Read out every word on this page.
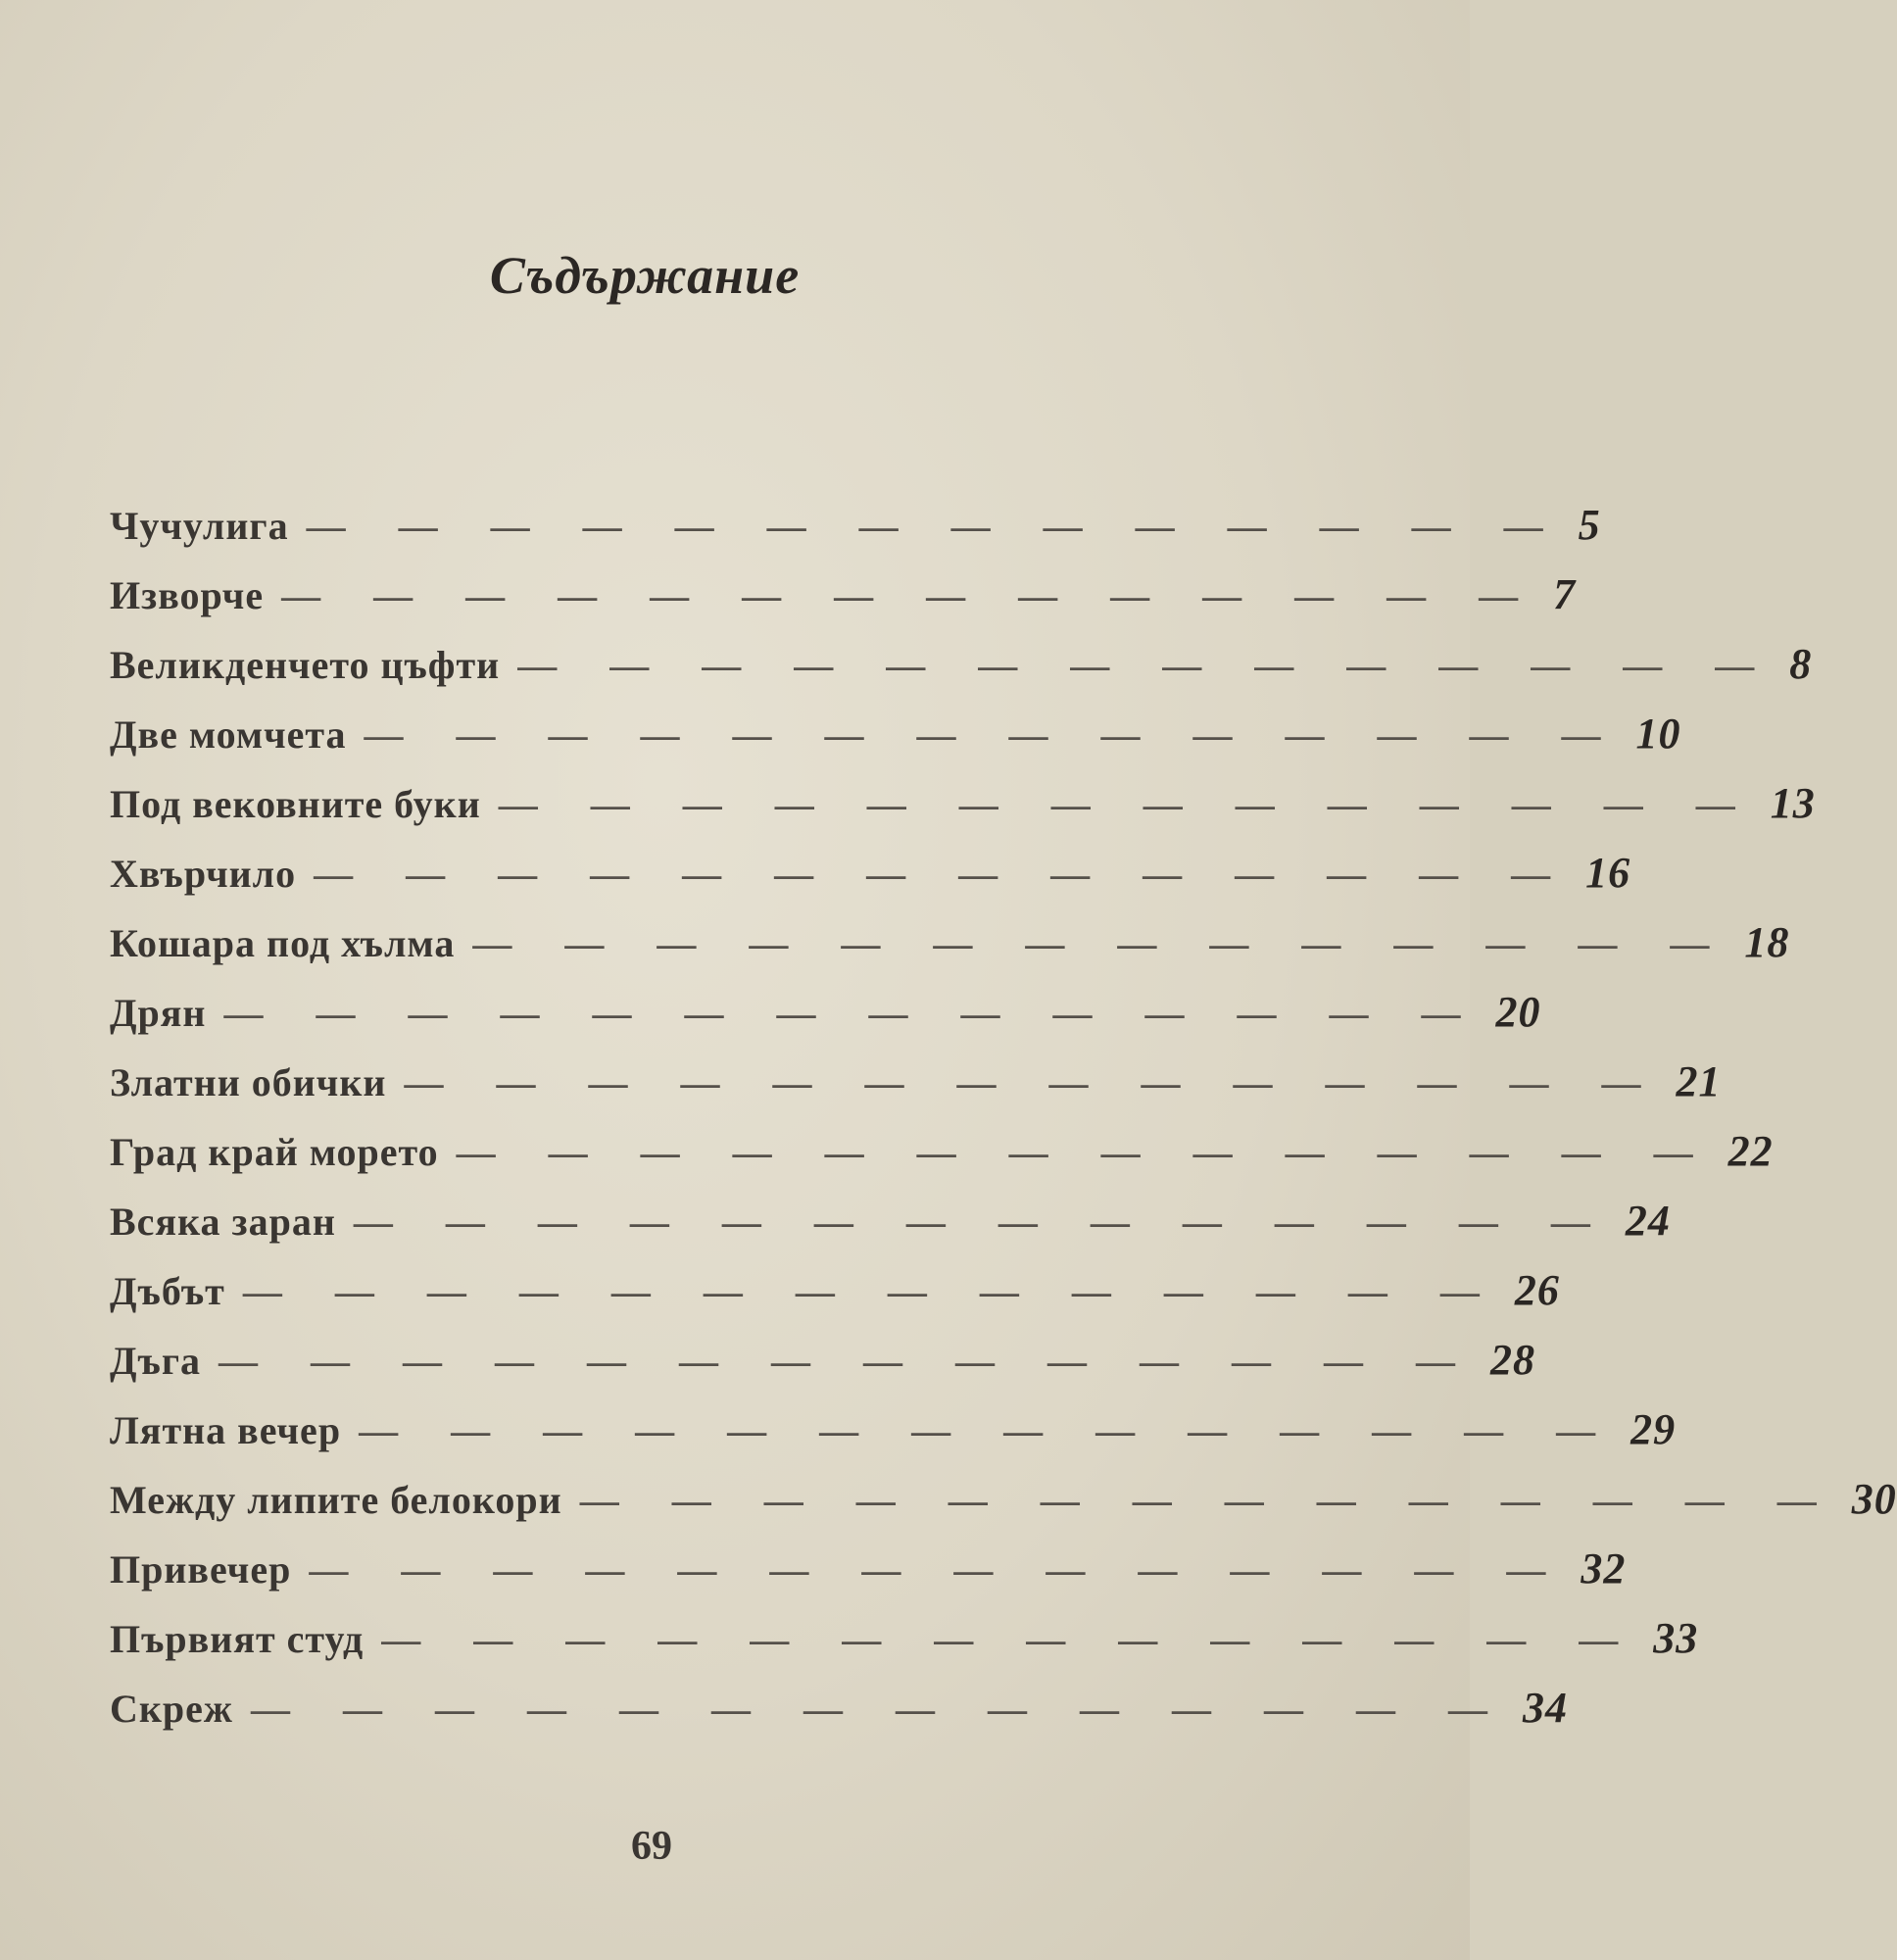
Съдържание
Чучулига — — — — — — — — — — — — — — 5
Изворче — — — — — — — — — — — — — — 7
Великденчето цъфти — — — — — — — — — — — — — — 8
Две момчета — — — — — — — — — — — — — — 10
Под вековните буки — — — — — — — — — — — — — — 13
Хвърчило — — — — — — — — — — — — — — 16
Кошара под хълма — — — — — — — — — — — — — — 18
Дрян — — — — — — — — — — — — — — 20
Златни обички — — — — — — — — — — — — — — 21
Град край морето — — — — — — — — — — — — — — 22
Всяка заран — — — — — — — — — — — — — — 24
Дъбът — — — — — — — — — — — — — — 26
Дъга — — — — — — — — — — — — — — 28
Лятна вечер — — — — — — — — — — — — — — 29
Между липите белокори — — — — — — — — — — — — — — 30
Привечер — — — — — — — — — — — — — — 32
Първият студ — — — — — — — — — — — — — — 33
Скреж — — — — — — — — — — — — — — 34
69
